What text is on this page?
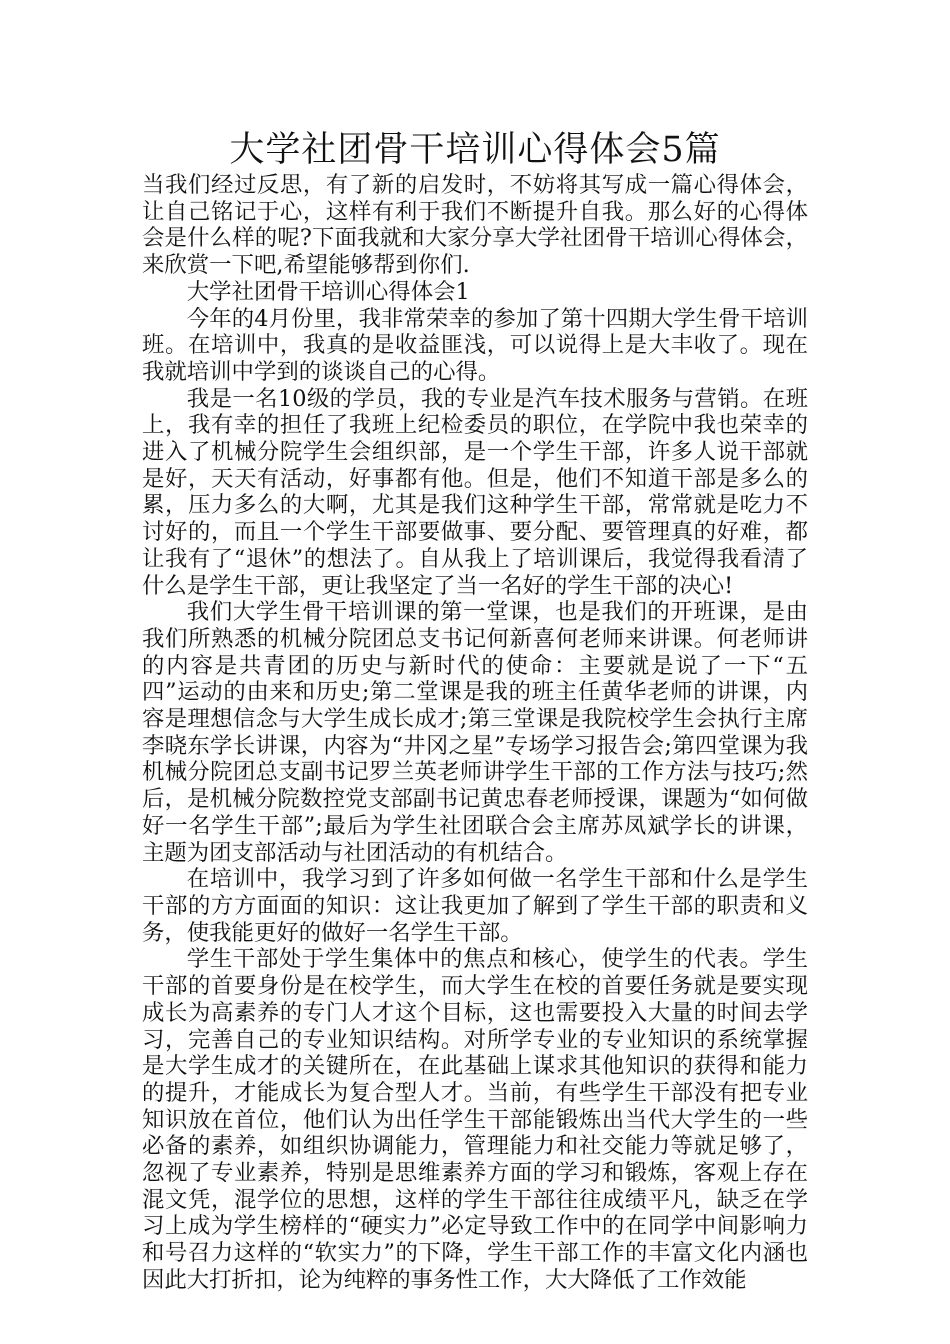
大学社团骨干培训心得体会5篇

当我们经过反思，有了新的启发时，不妨将其写成一篇心得体会，让自己铭记于心，这样有利于我们不断提升自我。那么好的心得体会是什么样的呢?下面我就和大家分享大学社团骨干培训心得体会，来欣赏一下吧,希望能够帮到你们.

大学社团骨干培训心得体会1

今年的4月份里，我非常荣幸的参加了第十四期大学生骨干培训班。在培训中，我真的是收益匪浅，可以说得上是大丰收了。现在我就培训中学到的谈谈自己的心得。

我是一名10级的学员，我的专业是汽车技术服务与营销。在班上，我有幸的担任了我班上纪检委员的职位，在学院中我也荣幸的进入了机械分院学生会组织部，是一个学生干部，许多人说干部就是好，天天有活动，好事都有他。但是，他们不知道干部是多么的累，压力多么的大啊，尤其是我们这种学生干部，常常就是吃力不讨好的，而且一个学生干部要做事、要分配、要管理真的好难，都让我有了“退休”的想法了。自从我上了培训课后，我觉得我看清了什么是学生干部，更让我坚定了当一名好的学生干部的决心!

我们大学生骨干培训课的第一堂课，也是我们的开班课，是由我们所熟悉的机械分院团总支书记何新喜何老师来讲课。何老师讲的内容是共青团的历史与新时代的使命：主要就是说了一下“五四”运动的由来和历史;第二堂课是我的班主任黄华老师的讲课，内容是理想信念与大学生成长成才;第三堂课是我院校学生会执行主席李晓东学长讲课，内容为“井冈之星”专场学习报告会;第四堂课为我机械分院团总支副书记罗兰英老师讲学生干部的工作方法与技巧;然后，是机械分院数控党支部副书记黄忠春老师授课，课题为“如何做好一名学生干部”;最后为学生社团联合会主席苏凤斌学长的讲课，主题为团支部活动与社团活动的有机结合。

在培训中，我学习到了许多如何做一名学生干部和什么是学生干部的方方面面的知识：这让我更加了解到了学生干部的职责和义务，使我能更好的做好一名学生干部。

学生干部处于学生集体中的焦点和核心，使学生的代表。学生干部的首要身份是在校学生，而大学生在校的首要任务就是要实现成长为高素养的专门人才这个目标，这也需要投入大量的时间去学习，完善自己的专业知识结构。对所学专业的专业知识的系统掌握是大学生成才的关键所在，在此基础上谋求其他知识的获得和能力的提升，才能成长为复合型人才。当前，有些学生干部没有把专业知识放在首位，他们认为出任学生干部能锻炼出当代大学生的一些必备的素养，如组织协调能力，管理能力和社交能力等就足够了，忽视了专业素养，特别是思维素养方面的学习和锻炼，客观上存在混文凭，混学位的思想，这样的学生干部往往成绩平凡，缺乏在学习上成为学生榜样的“硬实力”必定导致工作中的在同学中间影响力和号召力这样的“软实力”的下降，学生干部工作的丰富文化内涵也因此大打折扣，论为纯粹的事务性工作，大大降低了工作效能
